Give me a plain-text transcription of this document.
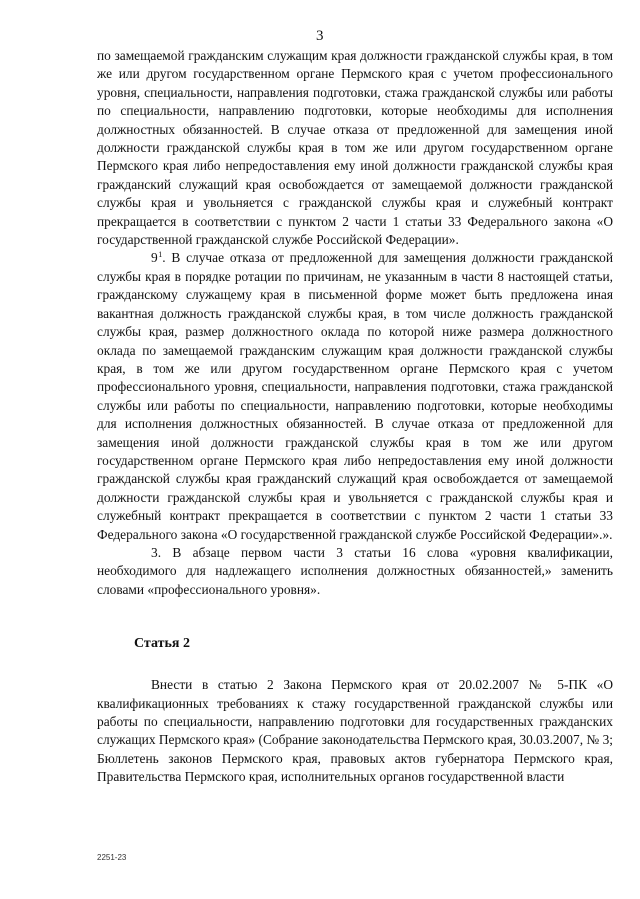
3

по замещаемой гражданским служащим края должности гражданской службы края, в том же или другом государственном органе Пермского края с учетом профессионального уровня, специальности, направления подготовки, стажа гражданской службы или работы по специальности, направлению подготовки, которые необходимы для исполнения должностных обязанностей. В случае отказа от предложенной для замещения иной должности гражданской службы края в том же или другом государственном органе Пермского края либо непредоставления ему иной должности гражданской службы края гражданский служащий края освобождается от замещаемой должности гражданской службы края и увольняется с гражданской службы края и служебный контракт прекращается в соответствии с пунктом 2 части 1 статьи 33 Федерального закона «О государственной гражданской службе Российской Федерации».

$9^1$. В случае отказа от предложенной для замещения должности гражданской службы края в порядке ротации по причинам, не указанным в части 8 настоящей статьи, гражданскому служащему края в письменной форме может быть предложена иная вакантная должность гражданской службы края, в том числе должность гражданской службы края, размер должностного оклада по которой ниже размера должностного оклада по замещаемой гражданским служащим края должности гражданской службы края, в том же или другом государственном органе Пермского края с учетом профессионального уровня, специальности, направления подготовки, стажа гражданской службы или работы по специальности, направлению подготовки, которые необходимы для исполнения должностных обязанностей. В случае отказа от предложенной для замещения иной должности гражданской службы края в том же или другом государственном органе Пермского края либо непредоставления ему иной должности гражданской службы края гражданский служащий края освобождается от замещаемой должности гражданской службы края и увольняется с гражданской службы края и служебный контракт прекращается в соответствии с пунктом 2 части 1 статьи 33 Федерального закона «О государственной гражданской службе Российской Федерации».».

3. В абзаце первом части 3 статьи 16 слова «уровня квалификации, необходимого для надлежащего исполнения должностных обязанностей,» заменить словами «профессионального уровня».

Статья 2

Внести в статью 2 Закона Пермского края от 20.02.2007 № 5-ПК «О квалификационных требованиях к стажу государственной гражданской службы или работы по специальности, направлению подготовки для государственных гражданских служащих Пермского края» (Собрание законодательства Пермского края, 30.03.2007, № 3; Бюллетень законов Пермского края, правовых актов губернатора Пермского края, Правительства Пермского края, исполнительных органов государственной власти

2251-23
